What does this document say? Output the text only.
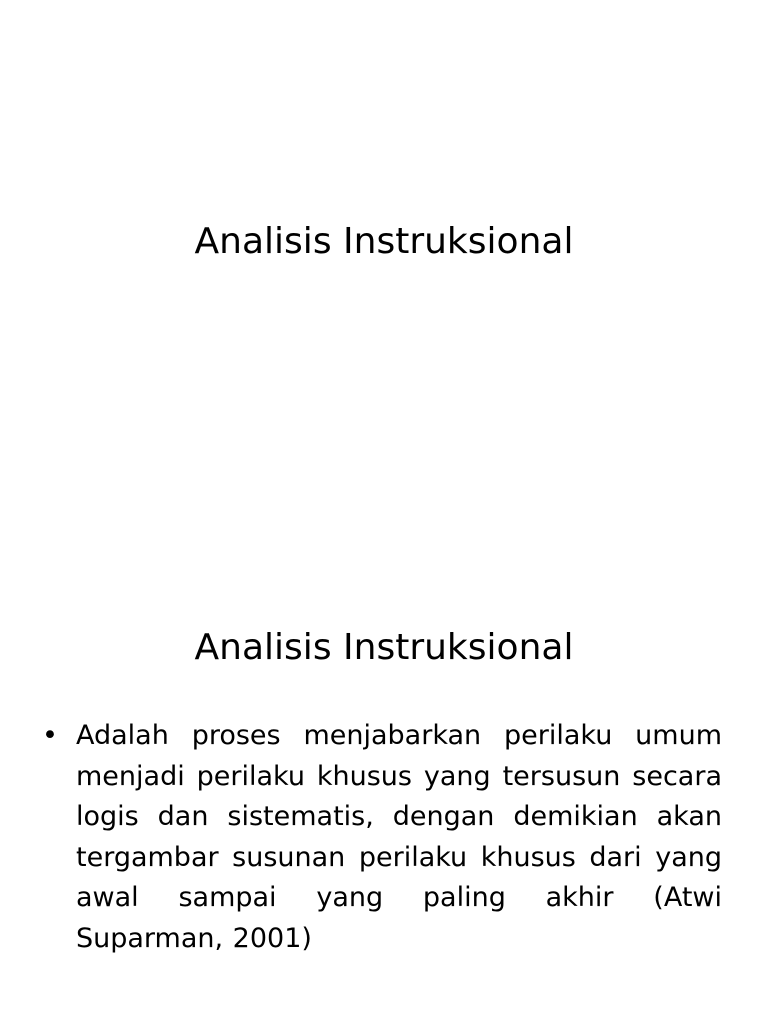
Analisis Instruksional
Analisis Instruksional
• Adalah proses menjabarkan perilaku umum menjadi perilaku khusus yang tersusun secara logis dan sistematis, dengan demikian akan tergambar susunan perilaku khusus dari yang awal sampai yang paling akhir (Atwi Suparman, 2001)
